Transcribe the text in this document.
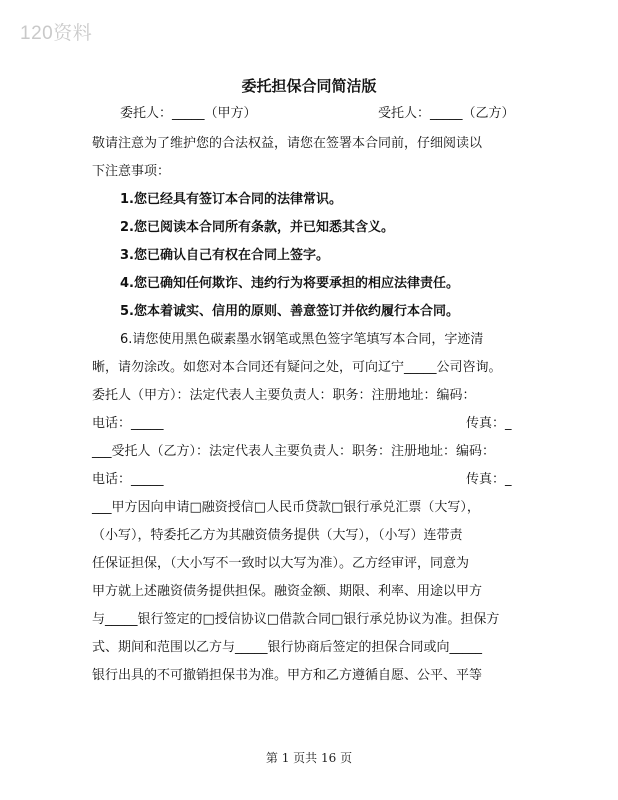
120资料
委托担保合同简洁版
委托人：_____（甲方）	受托人：_____（乙方）
敬请注意为了维护您的合法权益，请您在签署本合同前，仔细阅读以
下注意事项：
1.您已经具有签订本合同的法律常识。
2.您已阅读本合同所有条款，并已知悉其含义。
3.您已确认自己有权在合同上签字。
4.您已确知任何欺诈、违约行为将要承担的相应法律责任。
5.您本着诚实、信用的原则、善意签订并依约履行本合同。
6.请您使用黑色碳素墨水钢笔或黑色签字笔填写本合同，字迹清
晰，请勿涂改。如您对本合同还有疑问之处，可向辽宁_____公司咨询。
委托人（甲方）：法定代表人主要负责人：职务：注册地址：编码：
电话：_____	传真：_
___受托人（乙方）：法定代表人主要负责人：职务：注册地址：编码：
电话：_____	传真：_
___甲方因向申请□融资授信□人民币贷款□银行承兑汇票（大写），
（小写），特委托乙方为其融资债务提供（大写），（小写）连带责
任保证担保，（大小写不一致时以大写为准）。乙方经审评，同意为
甲方就上述融资债务提供担保。融资金额、期限、利率、用途以甲方
与_____银行签定的□授信协议□借款合同□银行承兑协议为准。担保方
式、期间和范围以乙方与_____银行协商后签定的担保合同或向_____
银行出具的不可撤销担保书为准。甲方和乙方遵循自愿、公平、平等
第 1 页共 16 页
